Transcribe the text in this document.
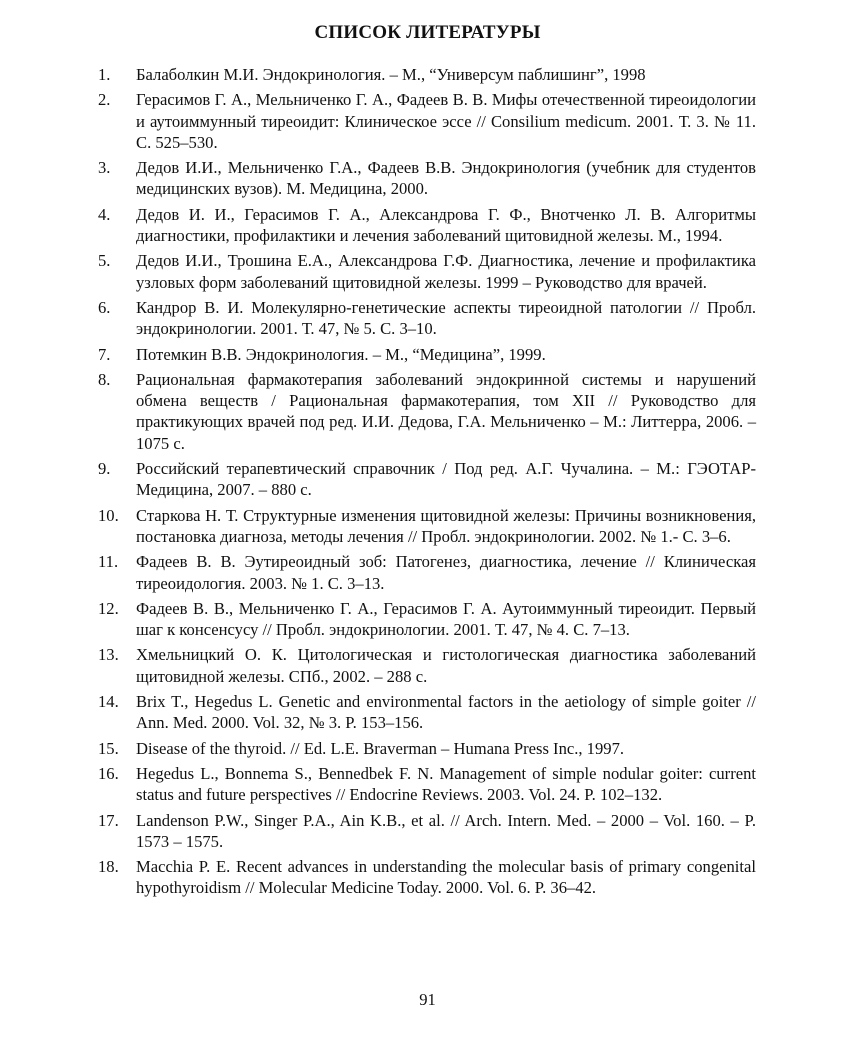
СПИСОК ЛИТЕРАТУРЫ
1. Балаболкин М.И. Эндокринология. – М., “Универсум паблишинг”, 1998
2. Герасимов Г. А., Мельниченко Г. А., Фадеев В. В. Мифы отечественной тиреоидологии и аутоиммунный тиреоидит: Клиническое эссе // Consilium medicum. 2001. Т. 3. № 11. С. 525–530.
3. Дедов И.И., Мельниченко Г.А., Фадеев В.В. Эндокринология (учебник для студентов медицинских вузов). М. Медицина, 2000.
4. Дедов И. И., Герасимов Г. А., Александрова Г. Ф., Внотченко Л. В. Алгоритмы диагностики, профилактики и лечения заболеваний щитовидной железы. М., 1994.
5. Дедов И.И., Трошина Е.А., Александрова Г.Ф. Диагностика, лечение и профилактика узловых форм заболеваний щитовидной железы. 1999 – Руководство для врачей.
6. Кандрор В. И. Молекулярно-генетические аспекты тиреоидной патологии // Пробл. эндокринологии. 2001. Т. 47, № 5. С. 3–10.
7. Потемкин В.В. Эндокринология. – М., “Медицина”, 1999.
8. Рациональная фармакотерапия заболеваний эндокринной системы и нарушений обмена веществ / Рациональная фармакотерапия, том XII // Руководство для практикующих врачей под ред. И.И. Дедова, Г.А. Мельниченко – М.: Литтерра, 2006. – 1075 с.
9. Российский терапевтический справочник / Под ред. А.Г. Чучалина. – М.: ГЭОТАР-Медицина, 2007. – 880 с.
10. Старкова Н. Т. Структурные изменения щитовидной железы: Причины возникновения, постановка диагноза, методы лечения // Пробл. эндокринологии. 2002. № 1.- С. 3–6.
11. Фадеев В. В. Эутиреоидный зоб: Патогенез, диагностика, лечение // Клиническая тиреоидология. 2003. № 1. С. 3–13.
12. Фадеев В. В., Мельниченко Г. А., Герасимов Г. А. Аутоиммунный тиреоидит. Первый шаг к консенсусу // Пробл. эндокринологии. 2001. Т. 47, № 4. С. 7–13.
13. Хмельницкий О. К. Цитологическая и гистологическая диагностика заболеваний щитовидной железы. СПб., 2002. – 288 с.
14. Brix T., Hegedus L. Genetic and environmental factors in the aetiology of simple goiter // Ann. Med. 2000. Vol. 32, № 3. P. 153–156.
15. Disease of the thyroid. // Ed. L.E. Braverman – Humana Press Inc., 1997.
16. Hegedus L., Bonnema S., Bennedbek F. N. Management of simple nodular goiter: current status and future perspectives // Endocrine Reviews. 2003. Vol. 24. P. 102–132.
17. Landenson P.W., Singer P.A., Ain K.B., et al. // Arch. Intern. Med. – 2000 – Vol. 160. – P. 1573 – 1575.
18. Macchia P. E. Recent advances in understanding the molecular basis of primary congenital hypothyroidism // Molecular Medicine Today. 2000. Vol. 6. P. 36–42.
91
